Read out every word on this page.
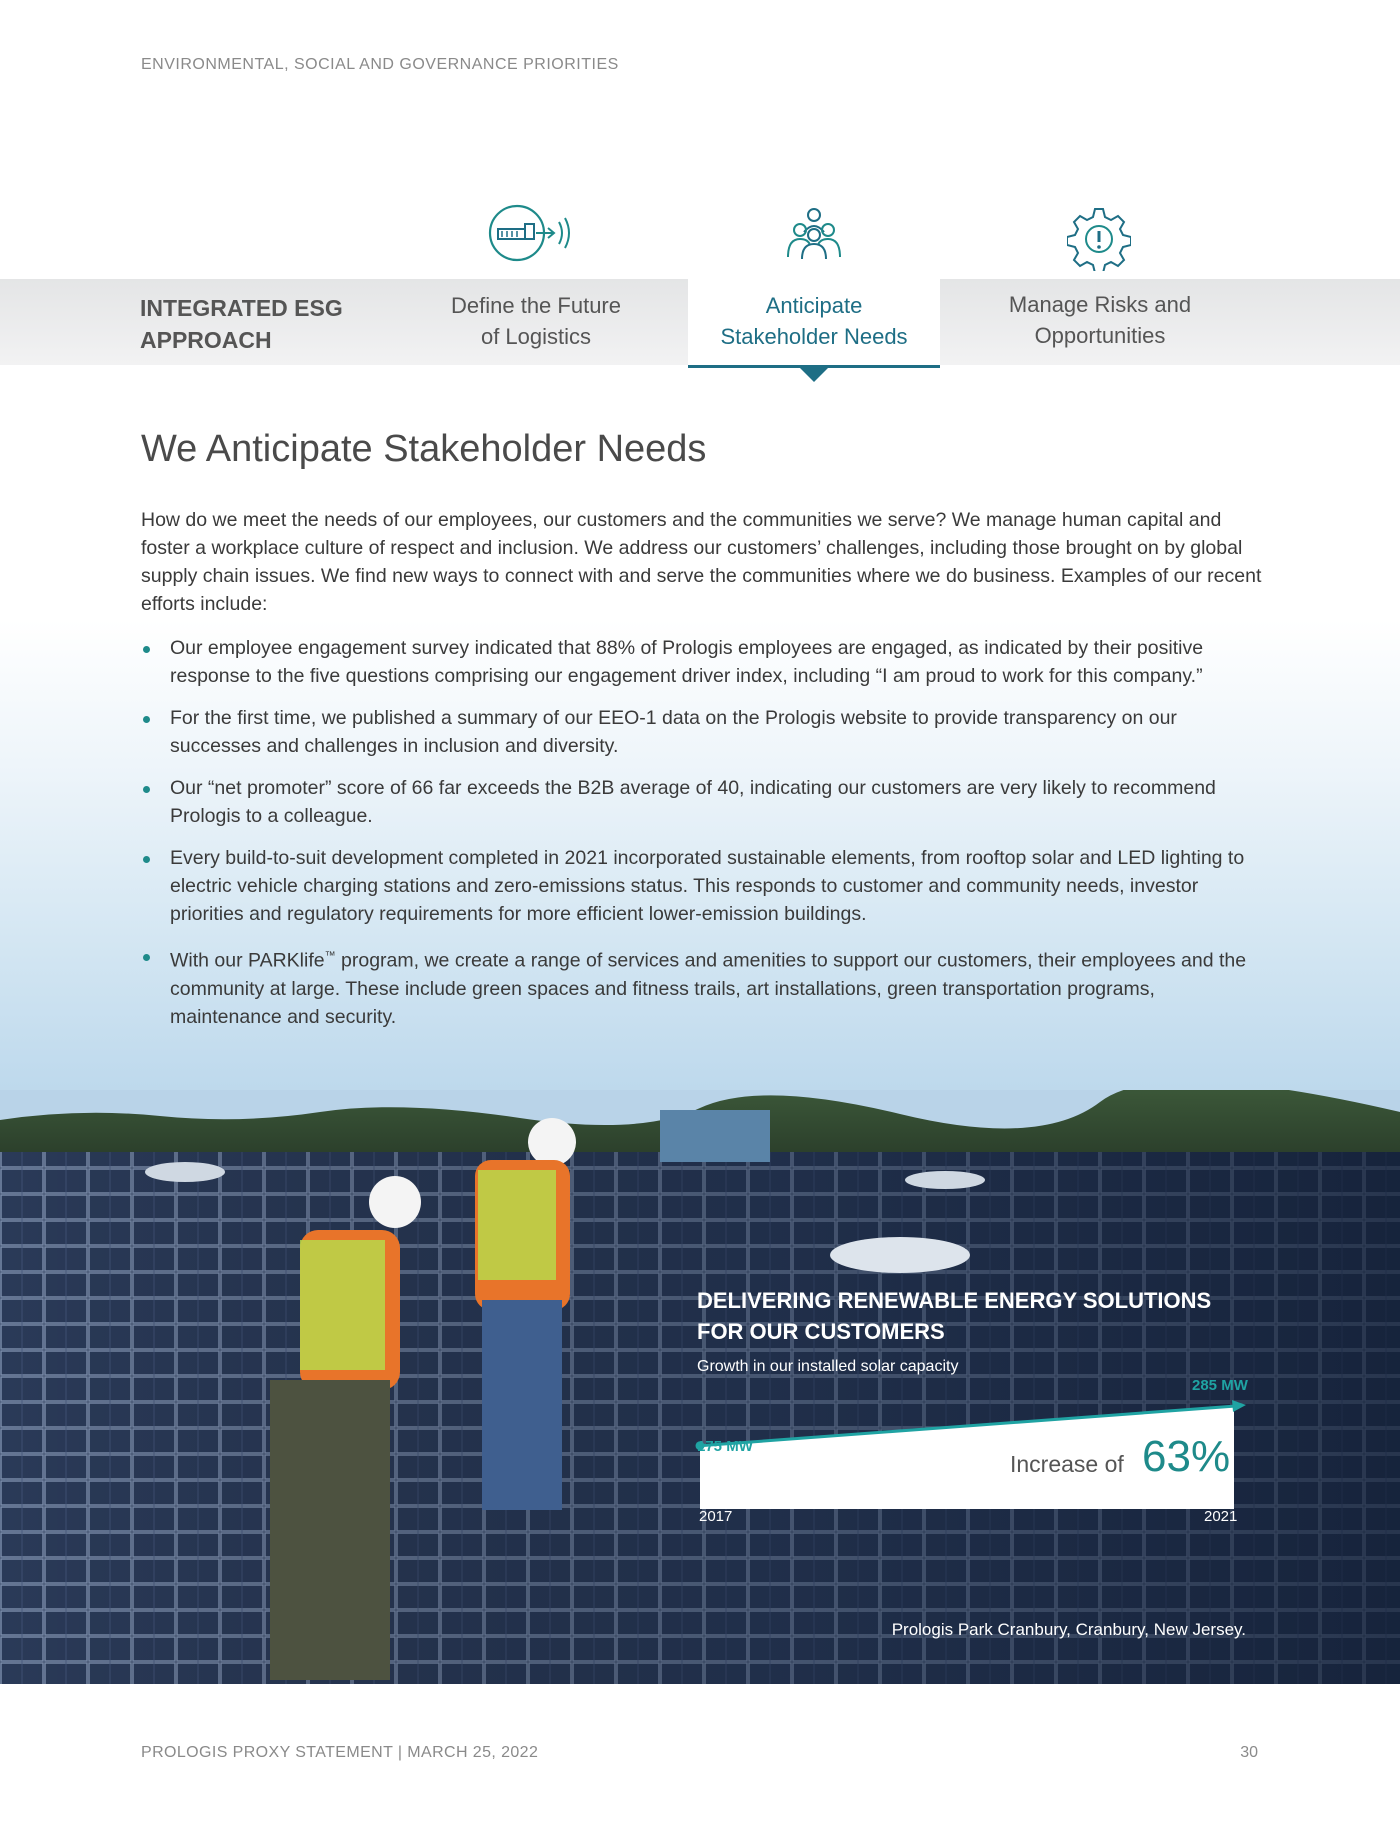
ENVIRONMENTAL, SOCIAL AND GOVERNANCE PRIORITIES
INTEGRATED ESG
APPROACH
Define the Future
of Logistics
Anticipate
Stakeholder Needs
Manage Risks and
Opportunities
We Anticipate Stakeholder Needs

How do we meet the needs of our employees, our customers and the communities we serve? We manage human capital and foster a workplace culture of respect and inclusion. We address our customers’ challenges, including those brought on by global supply chain issues. We find new ways to connect with and serve the communities where we do business. Examples of our recent efforts include:

Our employee engagement survey indicated that 88% of Prologis employees are engaged, as indicated by their positive response to the five questions comprising our engagement driver index, including “I am proud to work for this company.”
For the first time, we published a summary of our EEO-1 data on the Prologis website to provide transparency on our successes and challenges in inclusion and diversity.
Our “net promoter” score of 66 far exceeds the B2B average of 40, indicating our customers are very likely to recommend Prologis to a colleague.
Every build-to-suit development completed in 2021 incorporated sustainable elements, from rooftop solar and LED lighting to electric vehicle charging stations and zero-emissions status. This responds to customer and community needs, investor priorities and regulatory requirements for more efficient lower-emission buildings.
With our PARKlife™ program, we create a range of services and amenities to support our customers, their employees and the community at large. These include green spaces and fitness trails, art installations, green transportation programs, maintenance and security.
DELIVERING RENEWABLE ENERGY SOLUTIONS
FOR OUR CUSTOMERS
Growth in our installed solar capacity
175 MW
285 MW
2017	2021
Increase of 63%
Prologis Park Cranbury, Cranbury, New Jersey.
PROLOGIS PROXY STATEMENT | MARCH 25, 2022	30
